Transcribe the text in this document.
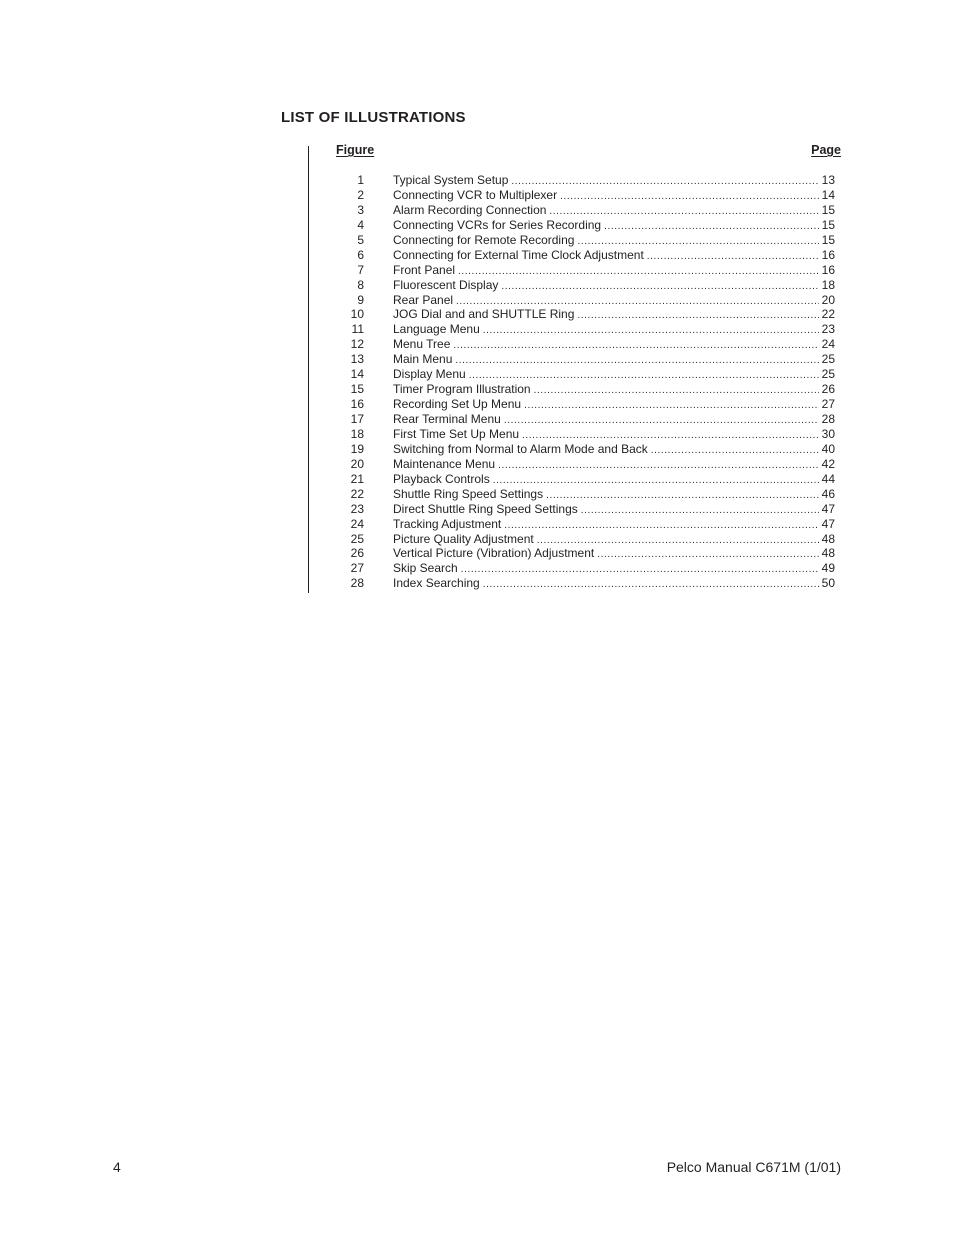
LIST OF ILLUSTRATIONS
Figure	Page
1 Typical System Setup .....	13
2 Connecting VCR to Multiplexer .....	14
3 Alarm Recording Connection .....	15
4 Connecting VCRs for Series Recording .....	15
5 Connecting for Remote Recording .....	15
6 Connecting for External Time Clock Adjustment .....	16
7 Front Panel .....	16
8 Fluorescent Display .....	18
9 Rear Panel .....	20
10 JOG Dial and and SHUTTLE Ring .....	22
11 Language Menu .....	23
12 Menu Tree .....	24
13 Main Menu .....	25
14 Display Menu .....	25
15 Timer Program Illustration .....	26
16 Recording Set Up Menu .....	27
17 Rear Terminal Menu .....	28
18 First Time Set Up Menu .....	30
19 Switching from Normal to Alarm Mode and Back .....	40
20 Maintenance Menu .....	42
21 Playback Controls .....	44
22 Shuttle Ring Speed Settings .....	46
23 Direct Shuttle Ring Speed Settings .....	47
24 Tracking Adjustment .....	47
25 Picture Quality Adjustment .....	48
26 Vertical Picture (Vibration) Adjustment .....	48
27 Skip Search .....	49
28 Index Searching .....	50
4	Pelco Manual C671M (1/01)
